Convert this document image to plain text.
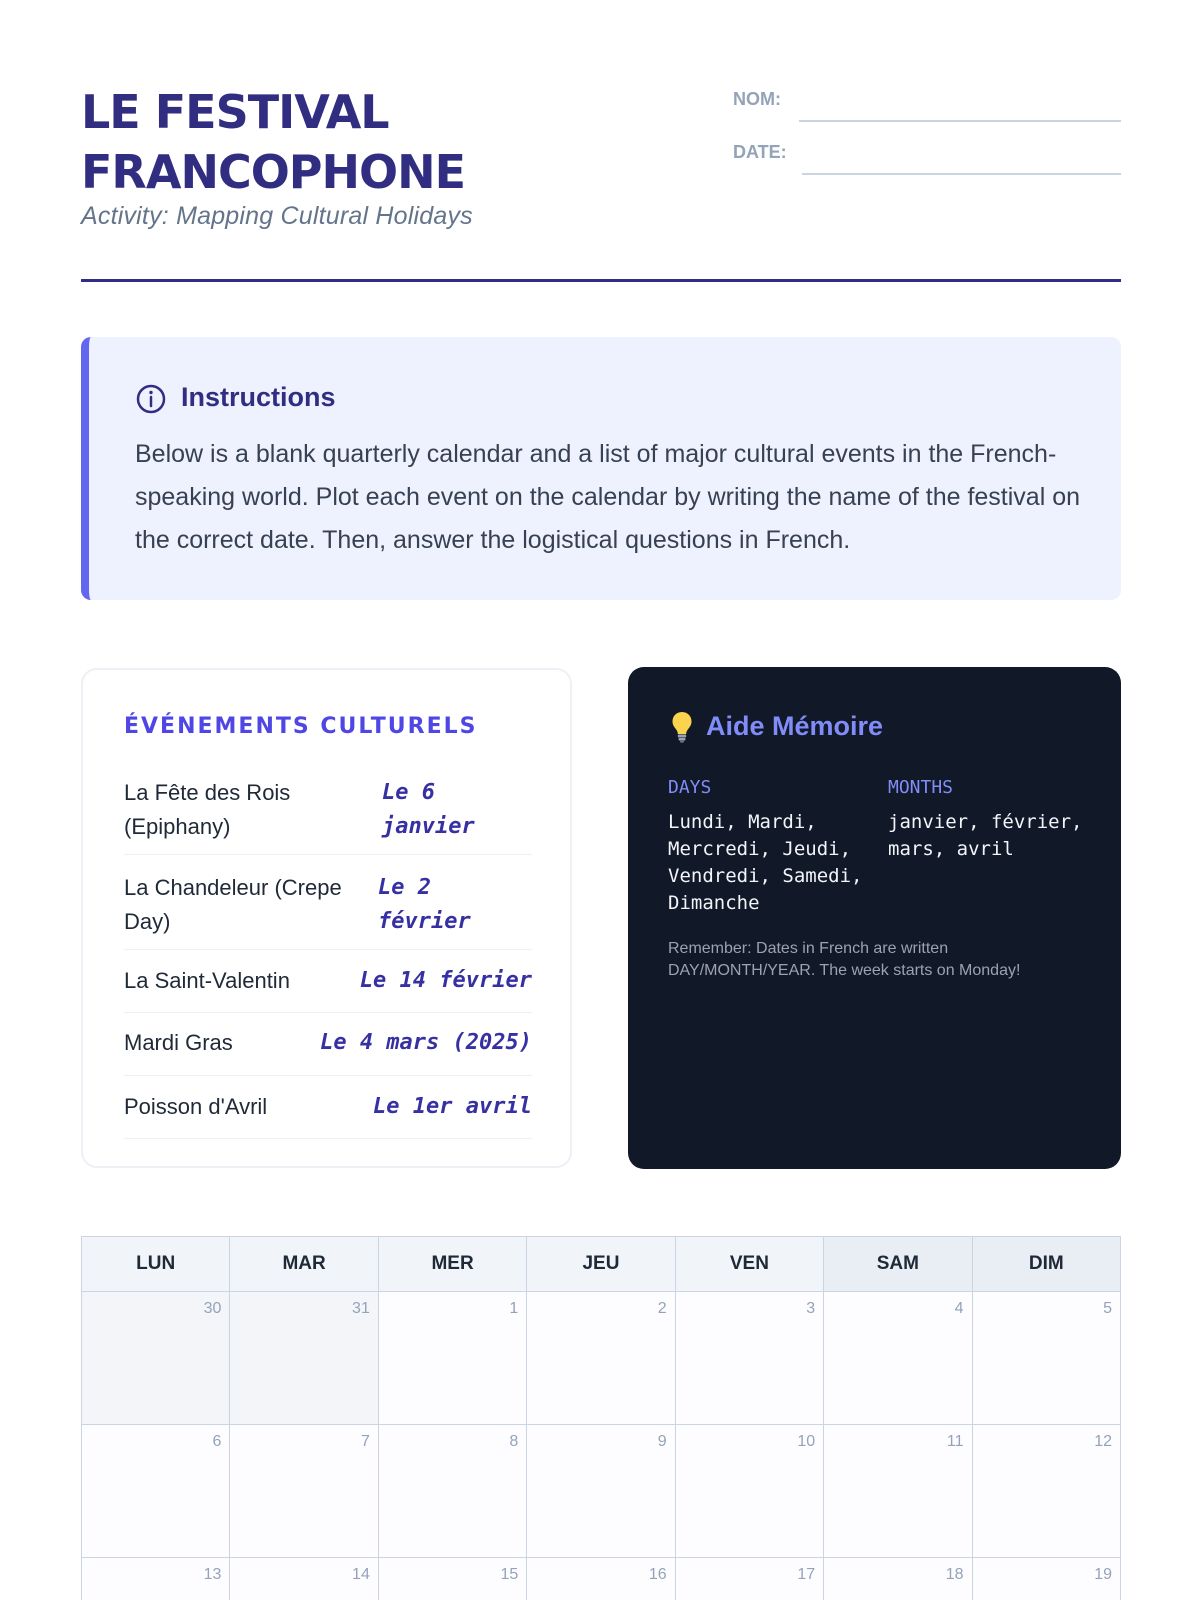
LE FESTIVAL
FRANCOPHONE
Activity: Mapping Cultural Holidays
NOM:
DATE:
Instructions
Below is a blank quarterly calendar and a list of major cultural events in the French-speaking world. Plot each event on the calendar by writing the name of the festival on the correct date. Then, answer the logistical questions in French.
ÉVÉNEMENTS CULTURELS
La Fête des Rois (Epiphany)
Le 6 janvier
La Chandeleur (Crepe Day)
Le 2 février
La Saint-Valentin	Le 14 février
Mardi Gras	Le 4 mars (2025)
Poisson d'Avril	Le 1er avril
Aide Mémoire
DAYS
Lundi, Mardi, Mercredi, Jeudi, Vendredi, Samedi, Dimanche
MONTHS
janvier, février, mars, avril
Remember: Dates in French are written DAY/MONTH/YEAR. The week starts on Monday!
LUN	MAR	MER	JEU	VEN	SAM	DIM

30	31	1	2	3	4	5

6	7	8	9	10	11	12

13	14	15	16	17	18	19
